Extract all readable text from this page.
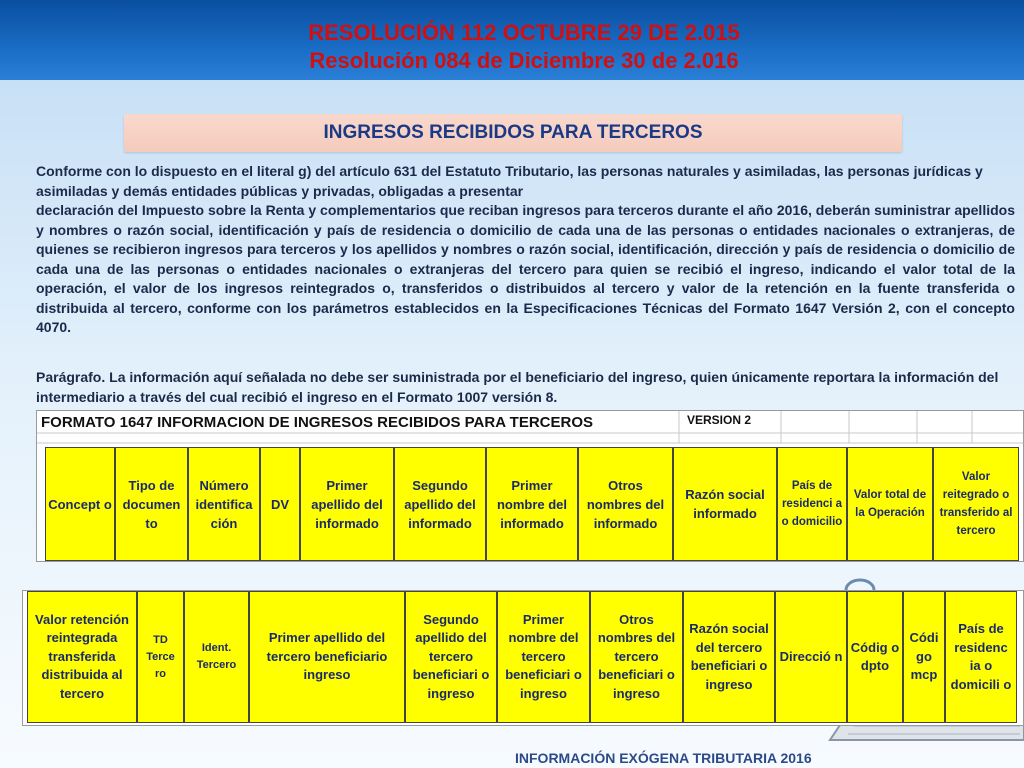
RESOLUCIÓN 112 OCTUBRE 29 DE 2.015
Resolución 084 de Diciembre 30 de 2.016
INGRESOS RECIBIDOS PARA TERCEROS
Conforme con lo dispuesto en el literal g) del artículo 631 del Estatuto Tributario, las personas naturales y asimiladas, las personas jurídicas y asimiladas y demás entidades públicas y privadas, obligadas a presentar
declaración del Impuesto sobre la Renta y complementarios que reciban ingresos para terceros durante el año 2016, deberán suministrar apellidos y nombres o razón social, identificación y país de residencia o domicilio de cada una de las personas o entidades nacionales o extranjeras, de quienes se recibieron ingresos para terceros y los apellidos y nombres o razón social, identificación, dirección y país de residencia o domicilio de cada una de las personas o entidades nacionales o extranjeras del tercero para quien se recibió el ingreso, indicando el valor total de la operación, el valor de los ingresos reintegrados o, transferidos o distribuidos al tercero y valor de la retención en la fuente transferida o distribuida al tercero, conforme con los parámetros establecidos en la Especificaciones Técnicas del Formato 1647 Versión 2, con el concepto 4070.
Parágrafo. La información aquí señalada no debe ser suministrada por el beneficiario del ingreso, quien únicamente reportara la información del intermediario a través del cual recibió el ingreso en el Formato 1007 versión 8.
FORMATO 1647 INFORMACION DE INGRESOS RECIBIDOS PARA TERCEROS	VERSION 2
Concept o
Tipo de documen to
Número identifica ción
DV
Primer apellido del informado
Segundo apellido del informado
Primer nombre del informado
Otros nombres del informado
Razón social informado
País de residenci a o domicilio
Valor total de la Operación
Valor reitegrado o transferido al tercero
Valor retención reintegrada transferida distribuida al tercero
TD Terce ro
Ident. Tercero
Primer apellido del tercero beneficiario ingreso
Segundo apellido del tercero beneficiari o ingreso
Primer nombre del tercero beneficiari o ingreso
Otros nombres del tercero beneficiari o ingreso
Razón social del tercero beneficiari o ingreso
Direcció n
Códig o dpto
Códi go mcp
País de residenc ia o domicili o
INFORMACIÓN EXÓGENA TRIBUTARIA 2016
